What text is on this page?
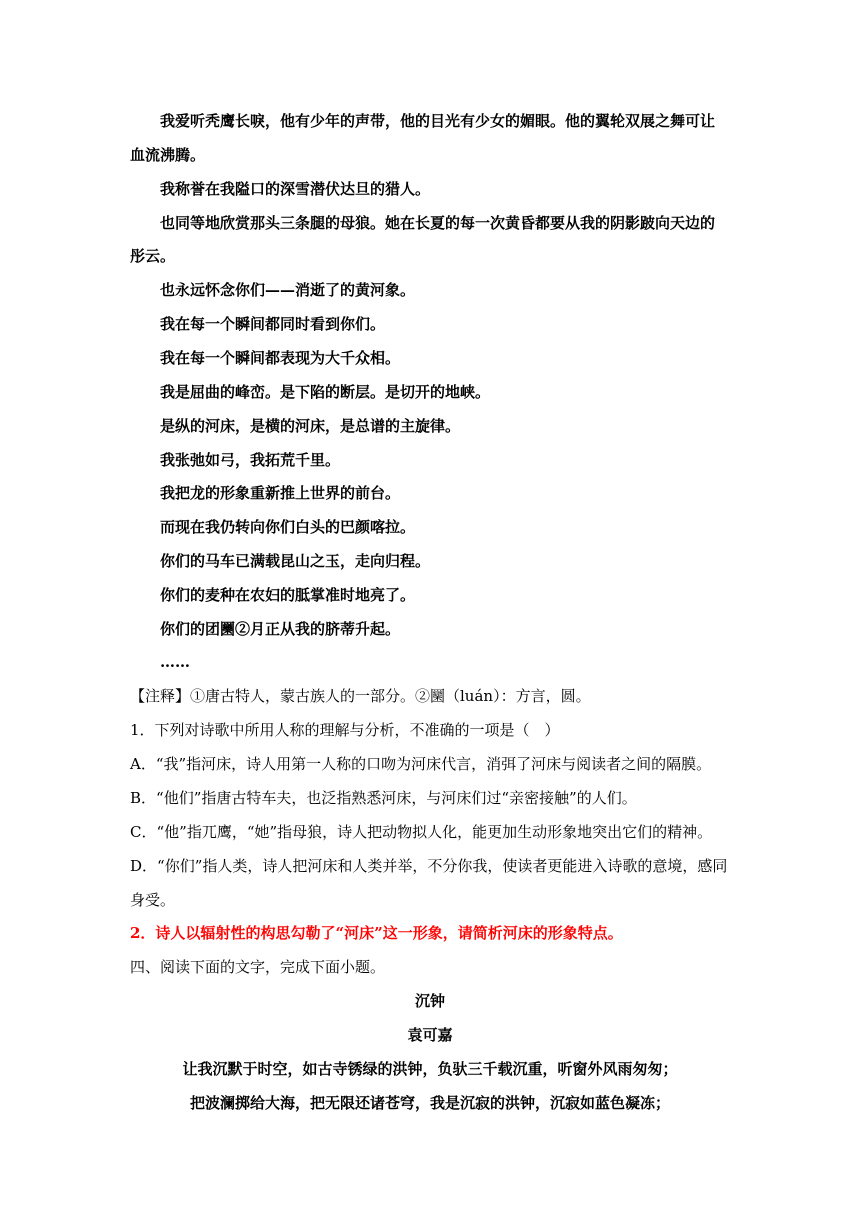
我爱听秃鹰长唳，他有少年的声带，他的目光有少女的媚眼。他的翼轮双展之舞可让
血流沸腾。
我称誉在我隘口的深雪潜伏达旦的猎人。
也同等地欣赏那头三条腿的母狼。她在长夏的每一次黄昏都要从我的阴影跛向天边的
彤云。
也永远怀念你们——消逝了的黄河象。
我在每一个瞬间都同时看到你们。
我在每一个瞬间都表现为大千众相。
我是屈曲的峰峦。是下陷的断层。是切开的地峡。
是纵的河床，是横的河床，是总谱的主旋律。
我张弛如弓，我拓荒千里。
我把龙的形象重新推上世界的前台。
而现在我仍转向你们白头的巴颜喀拉。
你们的马车已满载昆山之玉，走向归程。
你们的麦种在农妇的胝掌准时地亮了。
你们的团圞②月正从我的脐蒂升起。
……
【注释】①唐古特人，蒙古族人的一部分。②圞（luán）：方言，圆。
1．下列对诗歌中所用人称的理解与分析，不准确的一项是（　）
A．“我”指河床，诗人用第一人称的口吻为河床代言，消弭了河床与阅读者之间的隔膜。
B．“他们”指唐古特车夫，也泛指熟悉河床，与河床们过“亲密接触”的人们。
C．“他”指兀鹰，“她”指母狼，诗人把动物拟人化，能更加生动形象地突出它们的精神。
D．“你们”指人类，诗人把河床和人类并举，不分你我，使读者更能进入诗歌的意境，感同
身受。
2．诗人以辐射性的构思勾勒了“河床”这一形象，请简析河床的形象特点。
四、阅读下面的文字，完成下面小题。
沉钟
袁可嘉
让我沉默于时空，如古寺锈绿的洪钟，负驮三千载沉重，听窗外风雨匆匆；
把波澜掷给大海，把无限还诸苍穹，我是沉寂的洪钟，沉寂如蓝色凝冻；
